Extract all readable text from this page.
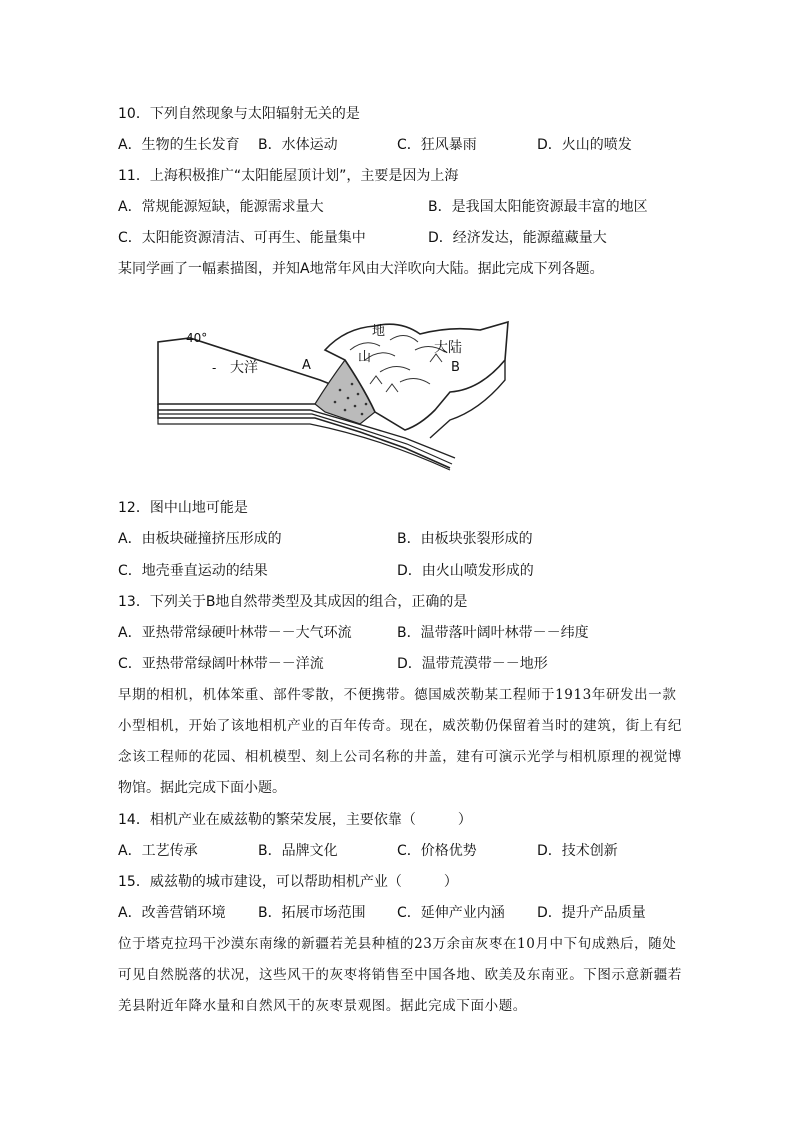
10．下列自然现象与太阳辐射无关的是
A．生物的生长发育 B．水体运动	C．狂风暴雨	D．火山的喷发
11．上海积极推广“太阳能屋顶计划”，主要是因为上海
A．常规能源短缺，能源需求量大	B．是我国太阳能资源最丰富的地区
C．太阳能资源清洁、可再生、能量集中	D．经济发达，能源蕴藏量大
某同学画了一幅素描图，并知A地常年风由大洋吹向大陆。据此完成下列各题。
40°
- 大洋	A
山
地
大陆
B
12．图中山地可能是
A．由板块碰撞挤压形成的	B．由板块张裂形成的
C．地壳垂直运动的结果	D．由火山喷发形成的
13．下列关于B地自然带类型及其成因的组合，正确的是
A．亚热带常绿硬叶林带－－大气环流	B．温带落叶阔叶林带－－纬度
C．亚热带常绿阔叶林带－－洋流	D．温带荒漠带－－地形
早期的相机，机体笨重、部件零散，不便携带。德国威茨勒某工程师于1913年研发出一款
小型相机，开始了该地相机产业的百年传奇。现在，威茨勒仍保留着当时的建筑，街上有纪
念该工程师的花园、相机模型、刻上公司名称的井盖，建有可演示光学与相机原理的视觉博
物馆。据此完成下面小题。
14．相机产业在威兹勒的繁荣发展，主要依靠（　　　）
A．工艺传承	B．品牌文化	C．价格优势	D．技术创新
15．威兹勒的城市建设，可以帮助相机产业（　　　）
A．改善营销环境 B．拓展市场范围 C．延伸产业内涵 D．提升产品质量
位于塔克拉玛干沙漠东南缘的新疆若羌县种植的23万余亩灰枣在10月中下旬成熟后，随处
可见自然脱落的状况，这些风干的灰枣将销售至中国各地、欧美及东南亚。下图示意新疆若
羌县附近年降水量和自然风干的灰枣景观图。据此完成下面小题。
